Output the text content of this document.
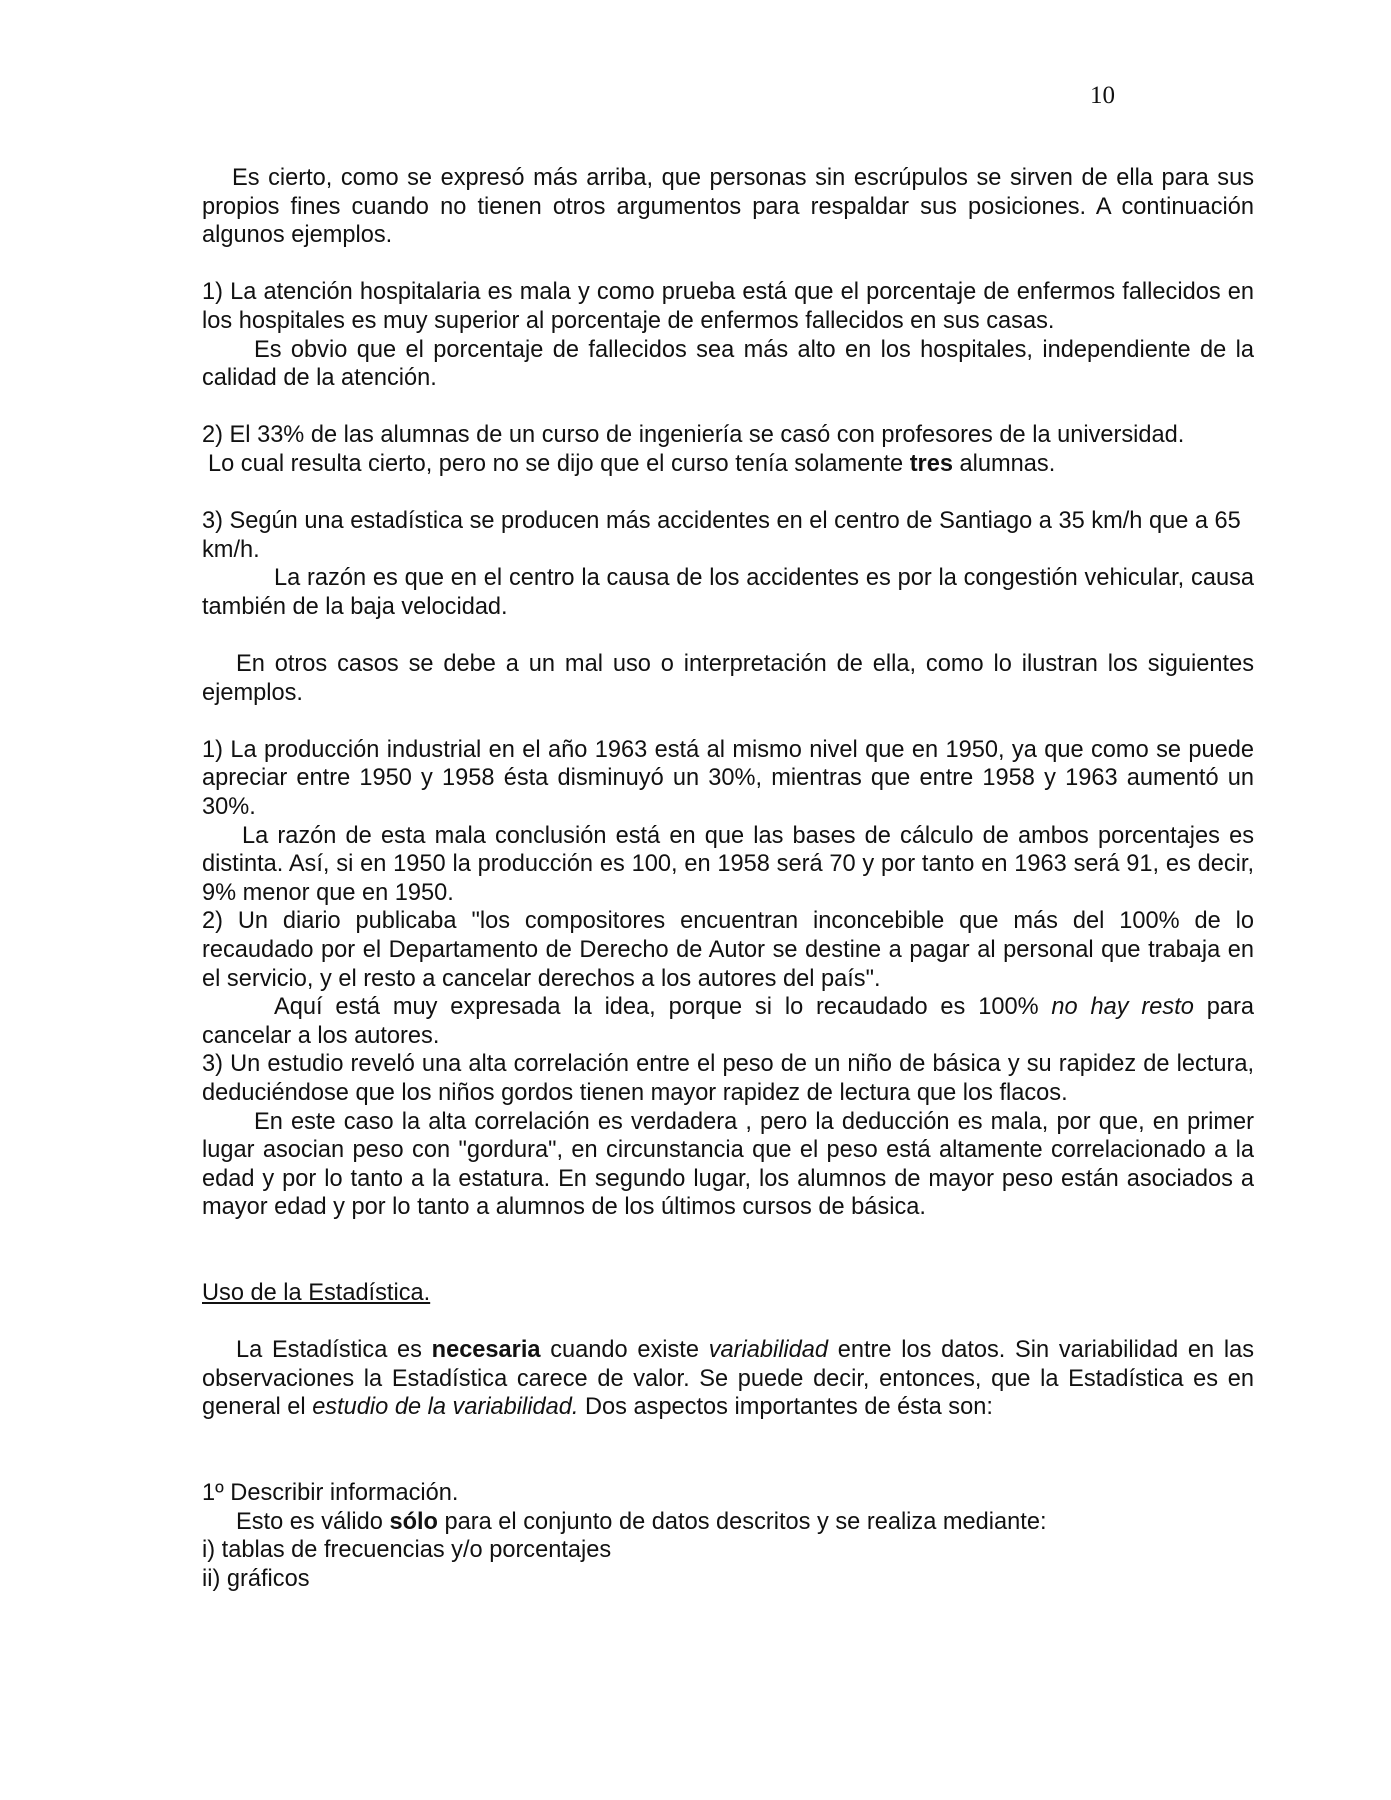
10

Es cierto, como se expresó más arriba, que personas sin escrúpulos se sirven de ella para sus propios fines cuando no tienen otros argumentos para respaldar sus posiciones. A continuación algunos ejemplos.

1) La atención hospitalaria es mala y como prueba está que el porcentaje de enfermos fallecidos en los hospitales es muy superior al porcentaje de enfermos fallecidos en sus casas.

Es obvio que el porcentaje de fallecidos sea más alto en los hospitales, independiente de la calidad de la atención.

2) El 33% de las alumnas de un curso de ingeniería se casó con profesores de la universidad.

Lo cual resulta cierto, pero no se dijo que el curso tenía solamente tres alumnas.

3) Según una estadística se producen más accidentes en el centro de Santiago a 35 km/h que a 65 km/h.

La razón es que en el centro la causa de los accidentes es por la congestión vehicular, causa también de la baja velocidad.

En otros casos se debe a un mal uso o interpretación de ella, como lo ilustran los siguientes ejemplos.

1) La producción industrial en el año 1963 está al mismo nivel que en 1950, ya que como se puede apreciar entre 1950 y 1958 ésta disminuyó un 30%, mientras que entre 1958 y 1963 aumentó un 30%.

La razón de esta mala conclusión está en que las bases de cálculo de ambos porcentajes es distinta. Así, si en 1950 la producción es 100, en 1958 será 70 y por tanto en 1963 será 91, es decir, 9% menor que en 1950.

2) Un diario publicaba "los compositores encuentran inconcebible que más del 100% de lo recaudado por el Departamento de Derecho de Autor se destine a pagar al personal que trabaja en el servicio, y el resto a cancelar derechos a los autores del país".

Aquí está muy expresada la idea, porque si lo recaudado es 100% no hay resto para cancelar a los autores.

3) Un estudio reveló una alta correlación entre el peso de un niño de básica y su rapidez de lectura, deduciéndose que los niños gordos tienen mayor rapidez de lectura que los flacos.

En este caso la alta correlación es verdadera , pero la deducción es mala, por que, en primer lugar asocian peso con "gordura", en circunstancia que el peso está altamente correlacionado a la edad y por lo tanto a la estatura. En segundo lugar, los alumnos de mayor peso están asociados a mayor edad y por lo tanto a alumnos de los últimos cursos de básica.

Uso de la Estadística.

La Estadística es necesaria cuando existe variabilidad entre los datos. Sin variabilidad en las observaciones la Estadística carece de valor. Se puede decir, entonces, que la Estadística es en general el estudio de la variabilidad. Dos aspectos importantes de ésta son:

1º Describir información.

Esto es válido sólo para el conjunto de datos descritos y se realiza mediante:

i) tablas de frecuencias y/o porcentajes

ii) gráficos
